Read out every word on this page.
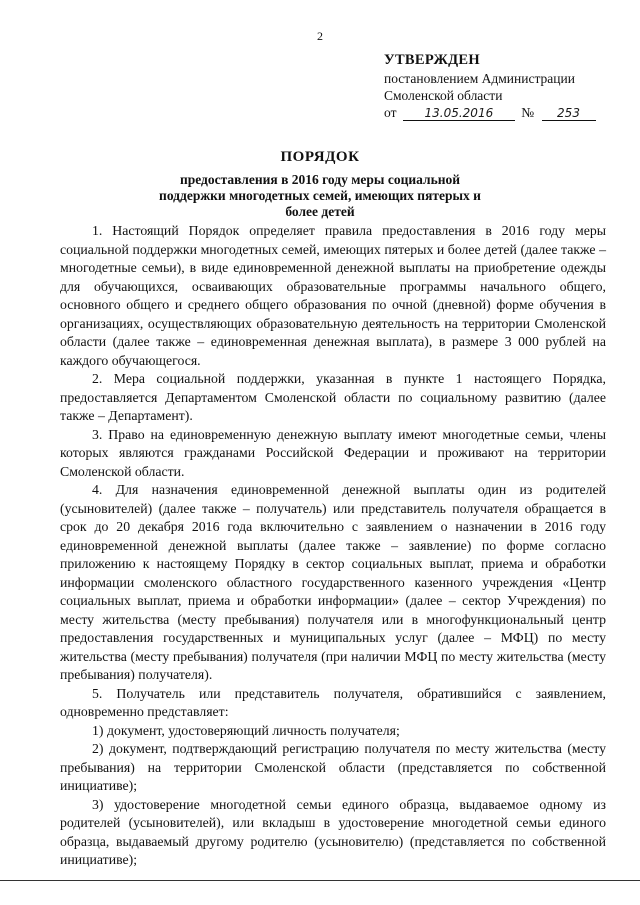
2
УТВЕРЖДЕН
постановлением Администрации
Смоленской области
от 13.05.2016 № 253
ПОРЯДОК
предоставления в 2016 году меры социальной поддержки многодетных семей, имеющих пятерых и более детей

1. Настоящий Порядок определяет правила предоставления в 2016 году меры социальной поддержки многодетных семей, имеющих пятерых и более детей (далее также – многодетные семьи), в виде единовременной денежной выплаты на приобретение одежды для обучающихся, осваивающих образовательные программы начального общего, основного общего и среднего общего образования по очной (дневной) форме обучения в организациях, осуществляющих образовательную деятельность на территории Смоленской области (далее также – единовременная денежная выплата), в размере 3 000 рублей на каждого обучающегося.

2. Мера социальной поддержки, указанная в пункте 1 настоящего Порядка, предоставляется Департаментом Смоленской области по социальному развитию (далее также – Департамент).

3. Право на единовременную денежную выплату имеют многодетные семьи, члены которых являются гражданами Российской Федерации и проживают на территории Смоленской области.

4. Для назначения единовременной денежной выплаты один из родителей (усыновителей) (далее также – получатель) или представитель получателя обращается в срок до 20 декабря 2016 года включительно с заявлением о назначении в 2016 году единовременной денежной выплаты (далее также – заявление) по форме согласно приложению к настоящему Порядку в сектор социальных выплат, приема и обработки информации смоленского областного государственного казенного учреждения «Центр социальных выплат, приема и обработки информации» (далее – сектор Учреждения) по месту жительства (месту пребывания) получателя или в многофункциональный центр предоставления государственных и муниципальных услуг (далее – МФЦ) по месту жительства (месту пребывания) получателя (при наличии МФЦ по месту жительства (месту пребывания) получателя).

5. Получатель или представитель получателя, обратившийся с заявлением, одновременно представляет:

1) документ, удостоверяющий личность получателя;

2) документ, подтверждающий регистрацию получателя по месту жительства (месту пребывания) на территории Смоленской области (представляется по собственной инициативе);

3) удостоверение многодетной семьи единого образца, выдаваемое одному из родителей (усыновителей), или вкладыш в удостоверение многодетной семьи единого образца, выдаваемый другому родителю (усыновителю) (представляется по собственной инициативе);
